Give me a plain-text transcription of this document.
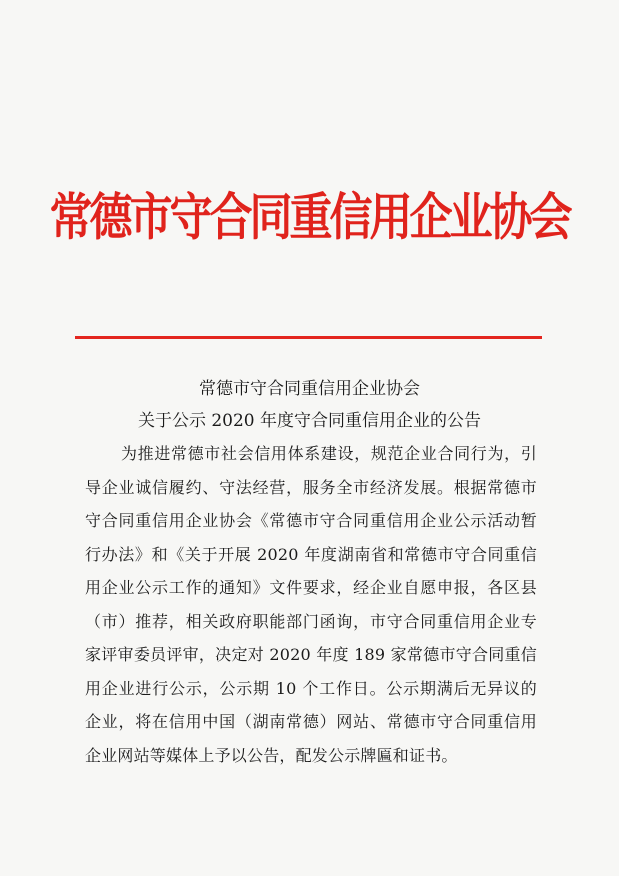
常德市守合同重信用企业协会
常德市守合同重信用企业协会
关于公示 2020 年度守合同重信用企业的公告

为推进常德市社会信用体系建设，规范企业合同行为，引导企业诚信履约、守法经营，服务全市经济发展。根据常德市守合同重信用企业协会《常德市守合同重信用企业公示活动暂行办法》和《关于开展 2020 年度湖南省和常德市守合同重信用企业公示工作的通知》文件要求，经企业自愿申报，各区县（市）推荐，相关政府职能部门函询，市守合同重信用企业专家评审委员评审，决定对 2020 年度 189 家常德市守合同重信用企业进行公示，公示期 10 个工作日。公示期满后无异议的企业，将在信用中国（湖南常德）网站、常德市守合同重信用企业网站等媒体上予以公告，配发公示牌匾和证书。
